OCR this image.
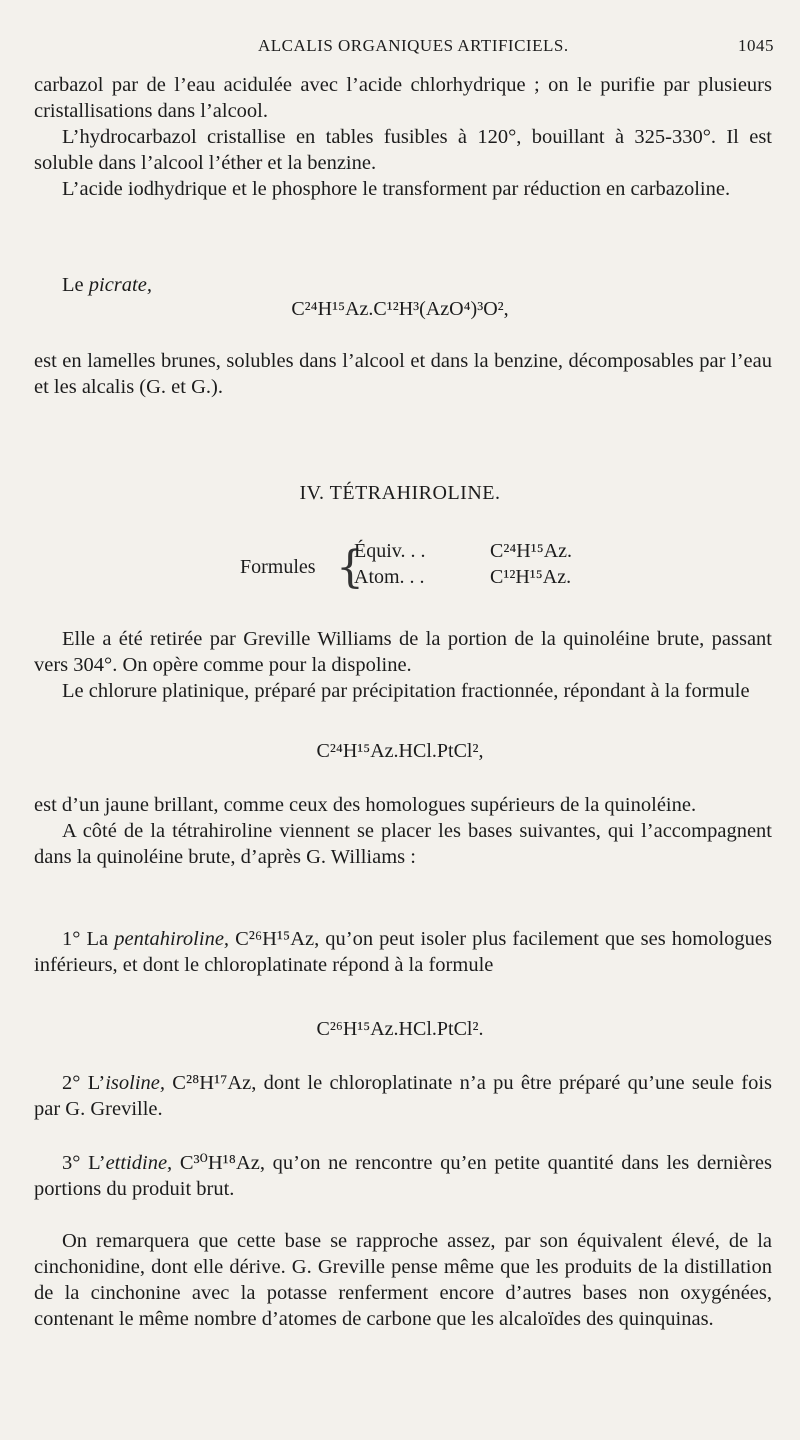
ALCALIS ORGANIQUES ARTIFICIELS.	1045

carbazol par de l’eau acidulée avec l’acide chlorhydrique ; on le purifie par plusieurs cristallisations dans l’alcool.

L’hydrocarbazol cristallise en tables fusibles à 120°, bouillant à 325-330°. Il est soluble dans l’alcool l’éther et la benzine.

L’acide iodhydrique et le phosphore le transforment par réduction en carbazoline.

Le picrate,

C²⁴H¹⁵Az.C¹²H³(AzO⁴)³O²,

est en lamelles brunes, solubles dans l’alcool et dans la benzine, décomposables par l’eau et les alcalis (G. et G.).

IV. TÉTRAHIROLINE.
Formules {
Équiv. . .	C²⁴H¹⁵Az.
Atom. . .	C¹²H¹⁵Az.

Elle a été retirée par Greville Williams de la portion de la quinoléine brute, passant vers 304°. On opère comme pour la dispoline.

Le chlorure platinique, préparé par précipitation fractionnée, répondant à la formule

C²⁴H¹⁵Az.HCl.PtCl²,

est d’un jaune brillant, comme ceux des homologues supérieurs de la quinoléine.

A côté de la tétrahiroline viennent se placer les bases suivantes, qui l’accompagnent dans la quinoléine brute, d’après G. Williams :

1° La pentahiroline, C²⁶H¹⁵Az, qu’on peut isoler plus facilement que ses homologues inférieurs, et dont le chloroplatinate répond à la formule

C²⁶H¹⁵Az.HCl.PtCl².

2° L’isoline, C²⁸H¹⁷Az, dont le chloroplatinate n’a pu être préparé qu’une seule fois par G. Greville.

3° L’ettidine, C³⁰H¹⁸Az, qu’on ne rencontre qu’en petite quantité dans les dernières portions du produit brut.

On remarquera que cette base se rapproche assez, par son équivalent élevé, de la cinchonidine, dont elle dérive. G. Greville pense même que les produits de la distillation de la cinchonine avec la potasse renferment encore d’autres bases non oxygénées, contenant le même nombre d’atomes de carbone que les alcaloïdes des quinquinas.
